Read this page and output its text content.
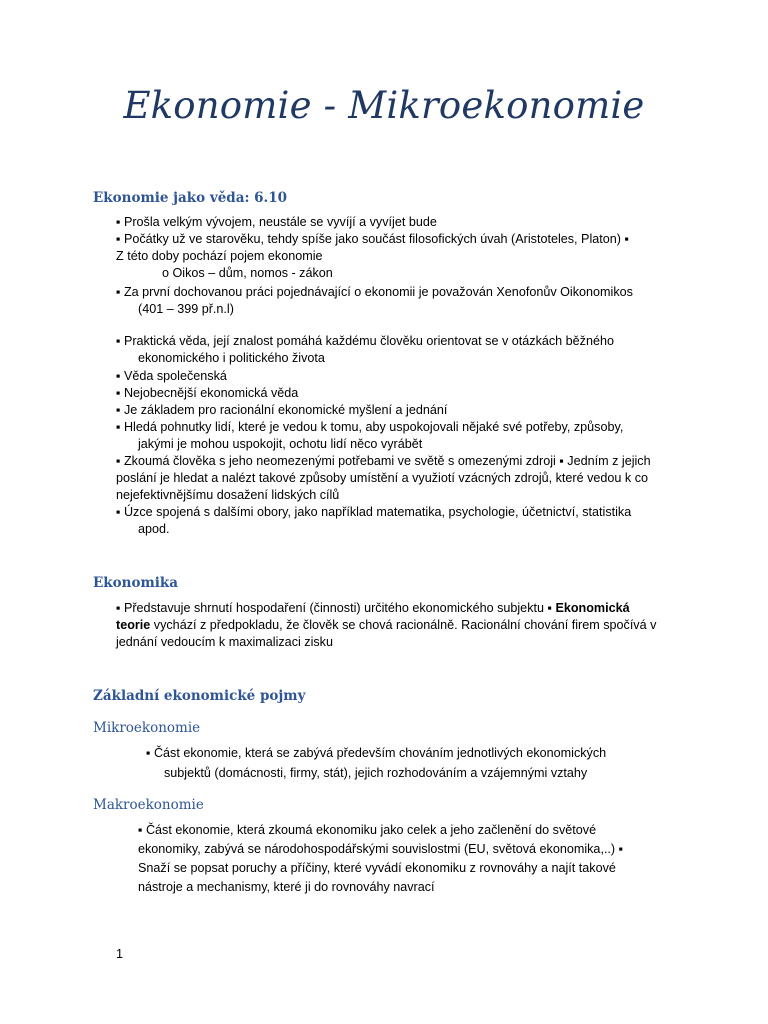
Ekonomie - Mikroekonomie
Ekonomie jako věda: 6.10
▪ Prošla velkým vývojem, neustále se vyvíjí a vyvíjet bude
▪ Počátky už ve starověku, tehdy spíše jako součást filosofických úvah (Aristoteles, Platon) ▪
Z této doby pochází pojem ekonomie
o Oikos – dům, nomos - zákon
▪ Za první dochovanou práci pojednávající o ekonomii je považován Xenofonův Oikonomikos
(401 – 399 př.n.l)
▪ Praktická věda, její znalost pomáhá každému člověku orientovat se v otázkách běžného
ekonomického i politického života
▪ Věda společenská
▪ Nejobecnější ekonomická věda
▪ Je základem pro racionální ekonomické myšlení a jednání
▪ Hledá pohnutky lidí, které je vedou k tomu, aby uspokojovali nějaké své potřeby, způsoby,
jakými je mohou uspokojit, ochotu lidí něco vyrábět
▪ Zkoumá člověka s jeho neomezenými potřebami ve světě s omezenými zdroji ▪ Jedním z jejich
poslání je hledat a nalézt takové způsoby umístění a využiotí vzácných zdrojů, které vedou k co
nejefektivnějšímu dosažení lidských cílů
▪ Úzce spojená s dalšími obory, jako například matematika, psychologie, účetnictví, statistika
apod.
Ekonomika
▪ Představuje shrnutí hospodaření (činnosti) určitého ekonomického subjektu ▪ Ekonomická
teorie vychází z předpokladu, že člověk se chová racionálně. Racionální chování firem spočívá v
jednání vedoucím k maximalizaci zisku
Základní ekonomické pojmy
Mikroekonomie
▪ Část ekonomie, která se zabývá především chováním jednotlivých ekonomických
subjektů (domácnosti, firmy, stát), jejich rozhodováním a vzájemnými vztahy
Makroekonomie
▪ Část ekonomie, která zkoumá ekonomiku jako celek a jeho začlenění do světové
ekonomiky, zabývá se národohospodářskými souvislostmi (EU, světová ekonomika,..) ▪
Snaží se popsat poruchy a příčiny, které vyvádí ekonomiku z rovnováhy a najít takové
nástroje a mechanismy, které ji do rovnováhy navrací
1
